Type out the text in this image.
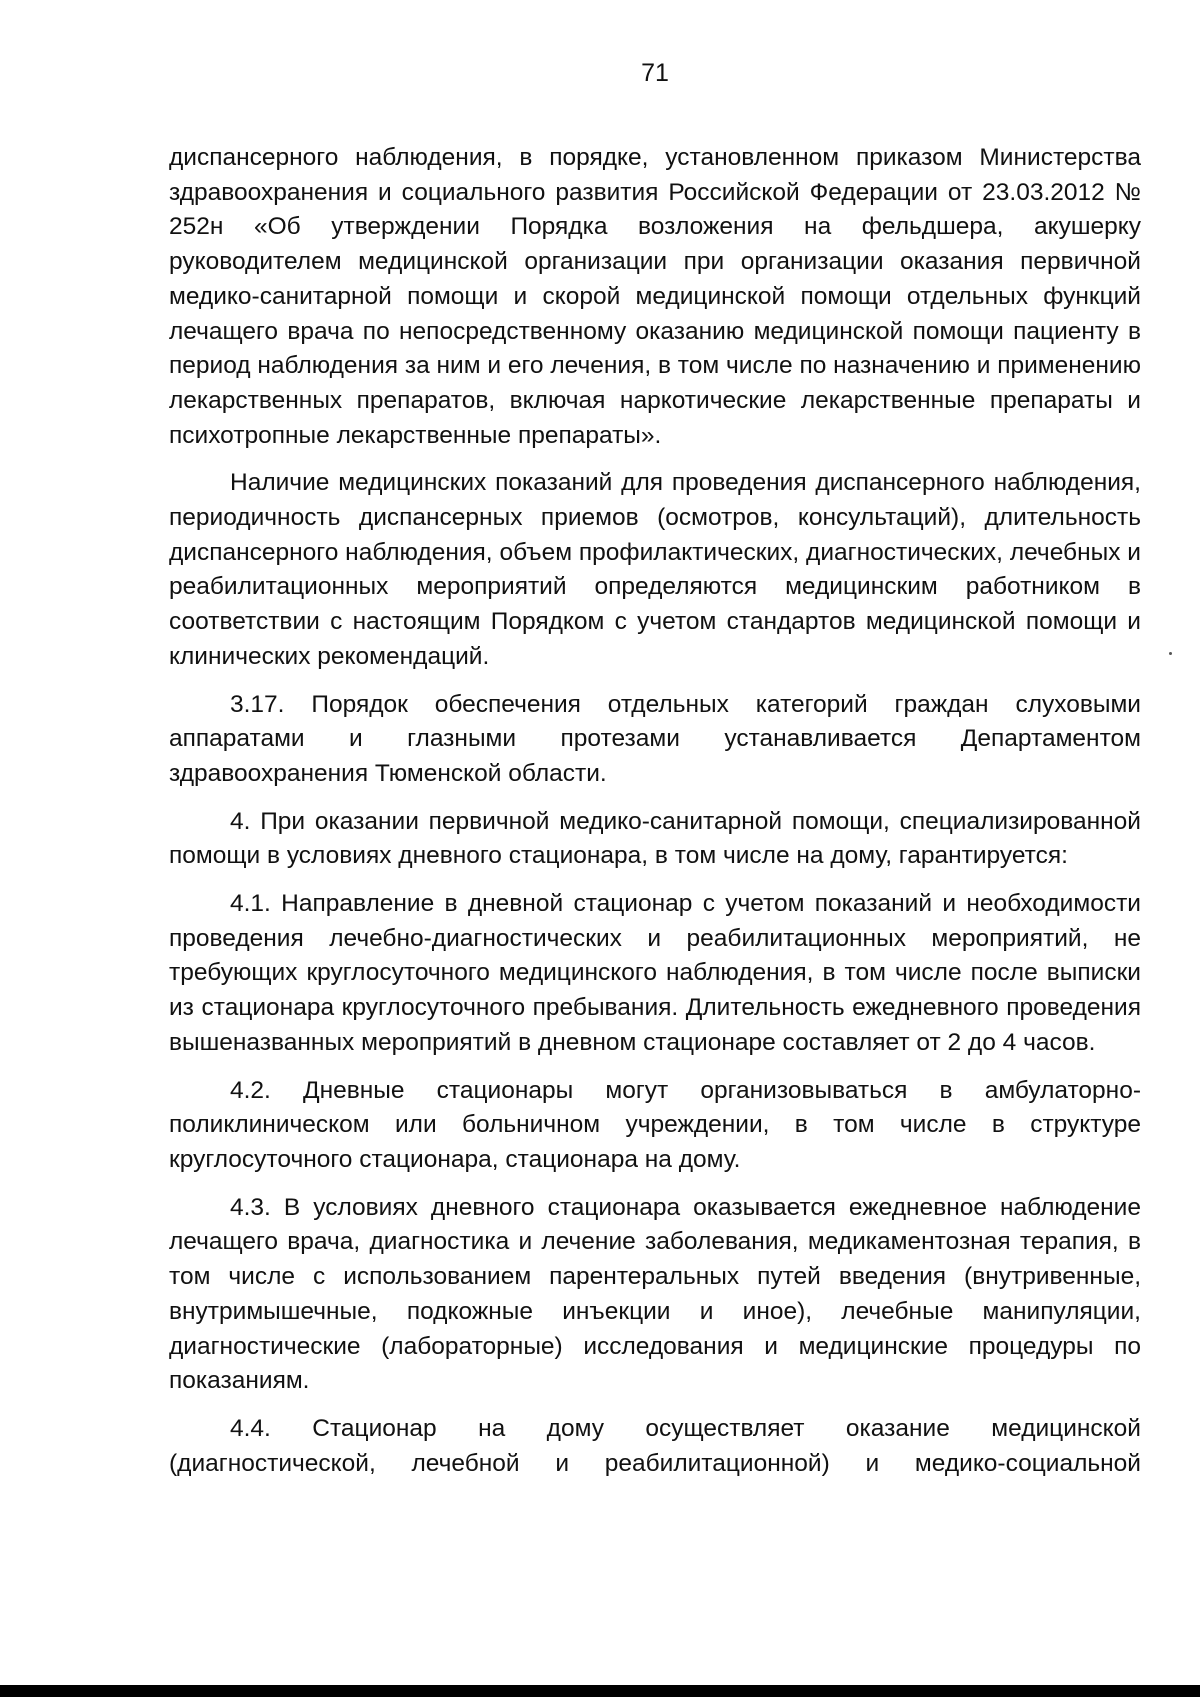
71

диспансерного наблюдения, в порядке, установленном приказом Министерства здравоохранения и социального развития Российской Федерации от 23.03.2012 № 252н «Об утверждении Порядка возложения на фельдшера, акушерку руководителем медицинской организации при организации оказания первичной медико-санитарной помощи и скорой медицинской помощи отдельных функций лечащего врача по непосредственному оказанию медицинской помощи пациенту в период наблюдения за ним и его лечения, в том числе по назначению и применению лекарственных препаратов, включая наркотические лекарственные препараты и психотропные лекарственные препараты».

Наличие медицинских показаний для проведения диспансерного наблюдения, периодичность диспансерных приемов (осмотров, консультаций), длительность диспансерного наблюдения, объем профилактических, диагностических, лечебных и реабилитационных мероприятий определяются медицинским работником в соответствии с настоящим Порядком с учетом стандартов медицинской помощи и клинических рекомендаций.

3.17. Порядок обеспечения отдельных категорий граждан слуховыми аппаратами и глазными протезами устанавливается Департаментом здравоохранения Тюменской области.

4. При оказании первичной медико-санитарной помощи, специализированной помощи в условиях дневного стационара, в том числе на дому, гарантируется:

4.1. Направление в дневной стационар с учетом показаний и необходимости проведения лечебно-диагностических и реабилитационных мероприятий, не требующих круглосуточного медицинского наблюдения, в том числе после выписки из стационара круглосуточного пребывания. Длительность ежедневного проведения вышеназванных мероприятий в дневном стационаре составляет от 2 до 4 часов.

4.2. Дневные стационары могут организовываться в амбулаторно-поликлиническом или больничном учреждении, в том числе в структуре круглосуточного стационара, стационара на дому.

4.3. В условиях дневного стационара оказывается ежедневное наблюдение лечащего врача, диагностика и лечение заболевания, медикаментозная терапия, в том числе с использованием парентеральных путей введения (внутривенные, внутримышечные, подкожные инъекции и иное), лечебные манипуляции, диагностические (лабораторные) исследования и медицинские процедуры по показаниям.

4.4. Стационар на дому осуществляет оказание медицинской (диагностической, лечебной и реабилитационной) и медико-социальной
